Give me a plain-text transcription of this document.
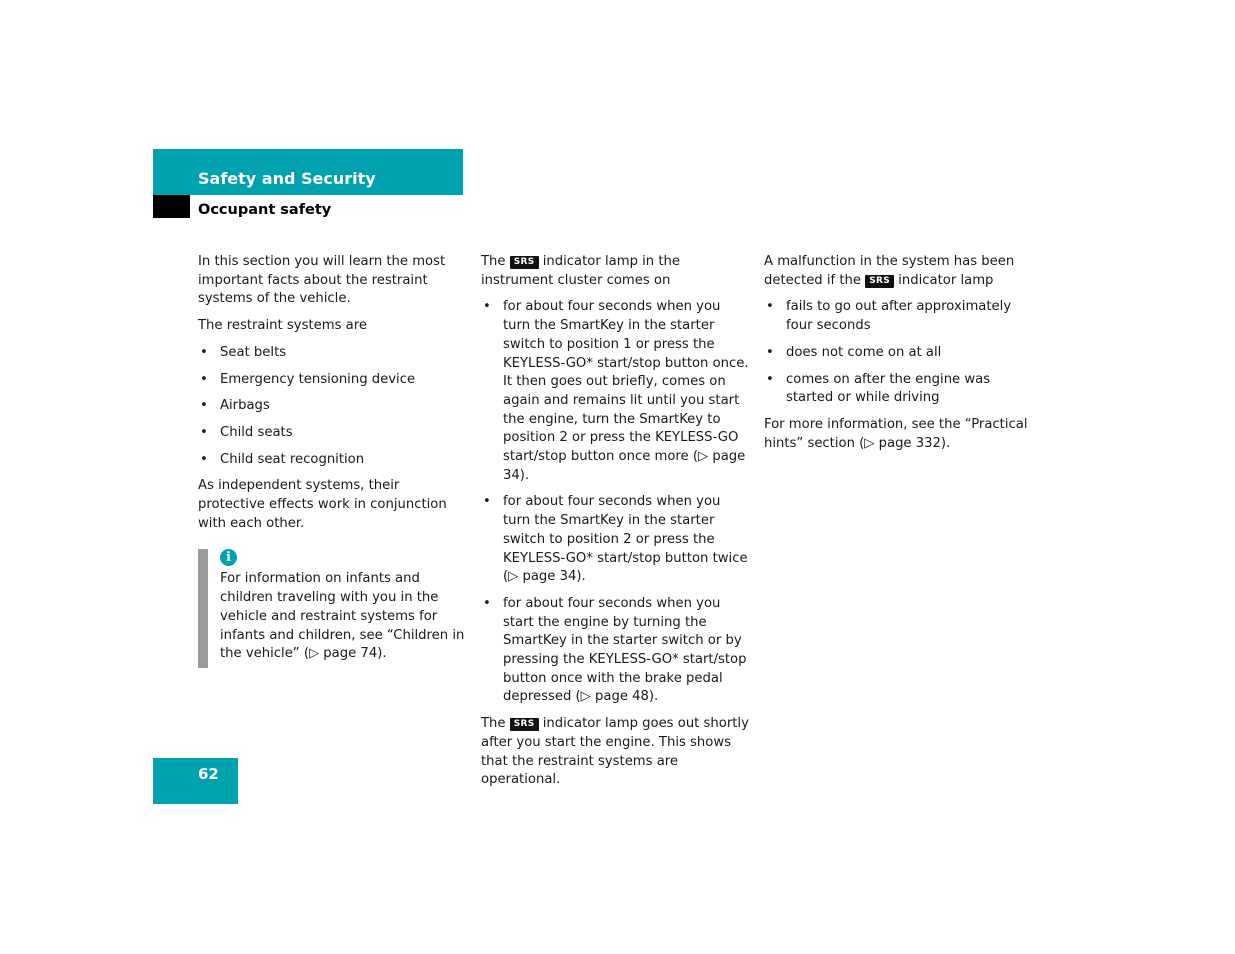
Safety and Security
Occupant safety

In this section you will learn the most important facts about the restraint systems of the vehicle.

The restraint systems are

• Seat belts
• Emergency tensioning device
• Airbags
• Child seats
• Child seat recognition

As independent systems, their protective effects work in conjunction with each other.

i
For information on infants and children traveling with you in the vehicle and restraint systems for infants and children, see “Children in the vehicle” (▷ page 74).

The SRS indicator lamp in the instrument cluster comes on

• for about four seconds when you turn the SmartKey in the starter switch to position 1 or press the KEYLESS-GO* start/stop button once. It then goes out briefly, comes on again and remains lit until you start the engine, turn the SmartKey to position 2 or press the KEYLESS-GO start/stop button once more (▷ page 34).
• for about four seconds when you turn the SmartKey in the starter switch to position 2 or press the KEYLESS-GO* start/stop button twice (▷ page 34).
• for about four seconds when you start the engine by turning the SmartKey in the starter switch or by pressing the KEYLESS-GO* start/stop button once with the brake pedal depressed (▷ page 48).

The SRS indicator lamp goes out shortly after you start the engine. This shows that the restraint systems are operational.

A malfunction in the system has been detected if the SRS indicator lamp

• fails to go out after approximately four seconds
• does not come on at all
• comes on after the engine was started or while driving

For more information, see the “Practical hints” section (▷ page 332).

62
